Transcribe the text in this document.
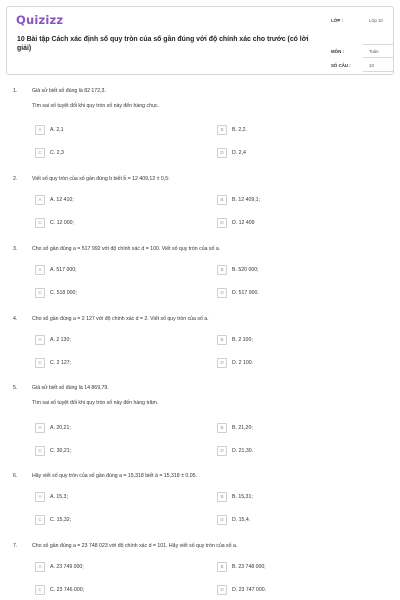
Quizizz
10 Bài tập Cách xác định số quy tròn của số gần đúng với độ chính xác cho trước (có lời giải)
LỚP :	Lớp 10
MÔN :	Toán
SỐ CÂU :	10
1.	Giả sử biết số đúng là 82 172,3.
Tìm sai số tuyệt đối khi quy tròn số này đến hàng chục.
A	A. 2,1	B	B. 2,2.
C	C. 2,3	D	D. 2,4
2.	Viết số quy tròn của số gần đúng b biết b̄ = 12 409,12 ± 0,5:
A	A. 12 410;	B	B. 12 409,1;
C	C. 12 000;	D	D. 12 409
3.	Cho số gần đúng a = 517 992 với độ chính xác d = 100. Viết số quy tròn của số a.
A	A. 517 000;	B	B. 520 000;
C	C. 518 000;	D	D. 517 900.
4.	Cho số gần đúng a = 2 127 với độ chính xác d = 2. Viết số quy tròn của số a.
A	A. 2 130;	B	B. 2 100;
C	C. 2 127;	D	D. 2 100.
5.	Giả sử biết số đúng là 14 869,79.
Tìm sai số tuyệt đối khi quy tròn số này đến hàng trăm.
A	A. 20,21;	B	B. 21,20;
C	C. 30,21;	D	D. 21,30.
6.	Hãy viết số quy tròn của số gần đúng a = 15,318 biết ā = 15,318 ± 0,05.
A	A. 15,3;	B	B. 15,31;
C	C. 15,32;	D	D. 15,4.
7.	Cho số gần đúng a = 23 748 023 với độ chính xác d = 101. Hãy viết số quy tròn của số a.
A	A. 23 749 000;	B	B. 23 748 000;
C	C. 23 746 000;	D	D. 23 747 000.
